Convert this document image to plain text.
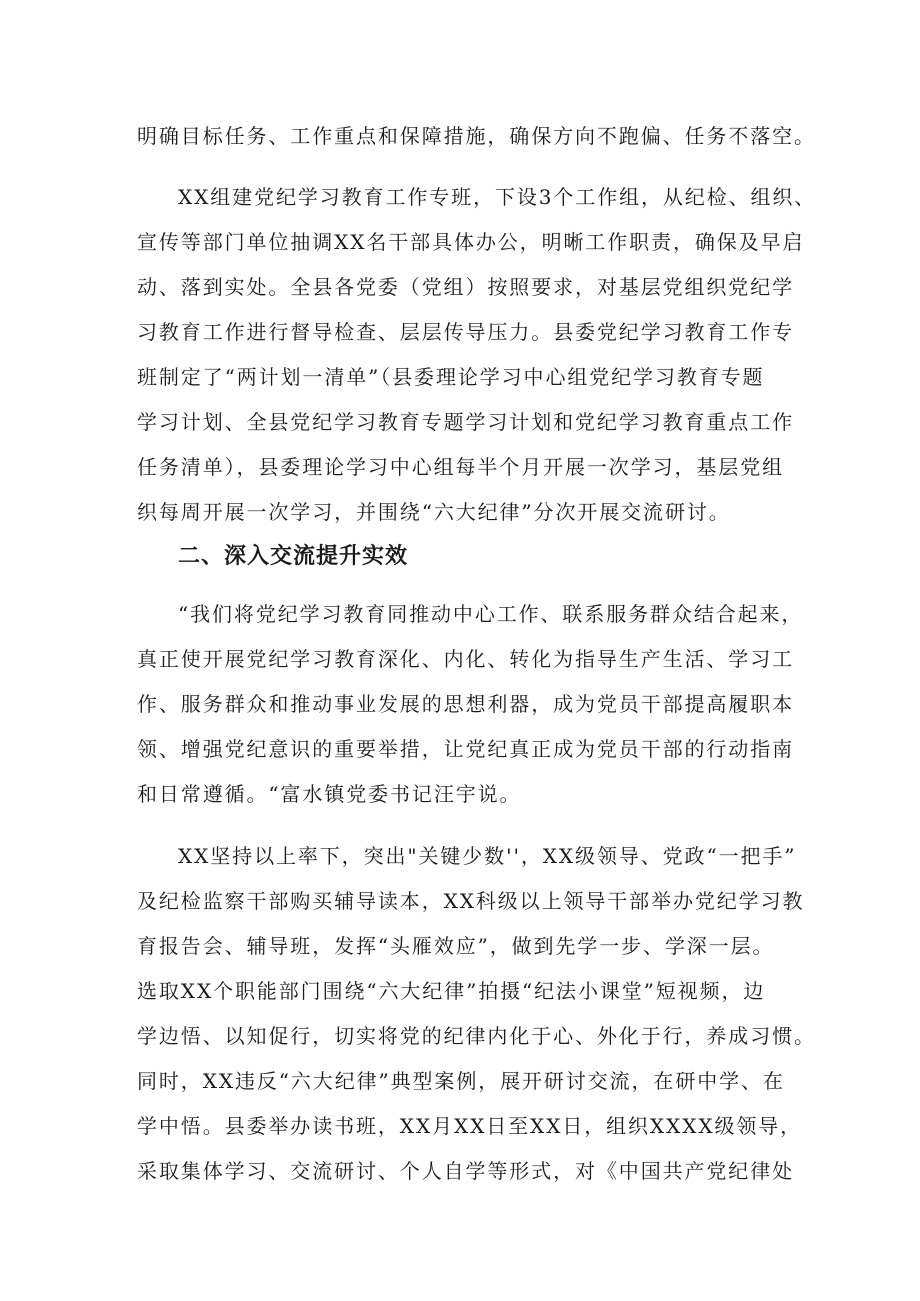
明确目标任务、工作重点和保障措施，确保方向不跑偏、任务不落空。
XX组建党纪学习教育工作专班，下设3个工作组，从纪检、组织、
宣传等部门单位抽调XX名干部具体办公，明晰工作职责，确保及早启
动、落到实处。全县各党委（党组）按照要求，对基层党组织党纪学
习教育工作进行督导检查、层层传导压力。县委党纪学习教育工作专
班制定了“两计划一清单”（县委理论学习中心组党纪学习教育专题
学习计划、全县党纪学习教育专题学习计划和党纪学习教育重点工作
任务清单），县委理论学习中心组每半个月开展一次学习，基层党组
织每周开展一次学习，并围绕“六大纪律”分次开展交流研讨。
二、深入交流提升实效
“我们将党纪学习教育同推动中心工作、联系服务群众结合起来，
真正使开展党纪学习教育深化、内化、转化为指导生产生活、学习工
作、服务群众和推动事业发展的思想利器，成为党员干部提高履职本
领、增强党纪意识的重要举措，让党纪真正成为党员干部的行动指南
和日常遵循。“富水镇党委书记汪宇说。
XX坚持以上率下，突出"关键少数''，XX级领导、党政“一把手”
及纪检监察干部购买辅导读本，XX科级以上领导干部举办党纪学习教
育报告会、辅导班，发挥“头雁效应”，做到先学一步、学深一层。
选取XX个职能部门围绕“六大纪律”拍摄“纪法小课堂”短视频，边
学边悟、以知促行，切实将党的纪律内化于心、外化于行，养成习惯。
同时，XX违反“六大纪律”典型案例，展开研讨交流，在研中学、在
学中悟。县委举办读书班，XX月XX日至XX日，组织XXXX级领导，
采取集体学习、交流研讨、个人自学等形式，对《中国共产党纪律处
